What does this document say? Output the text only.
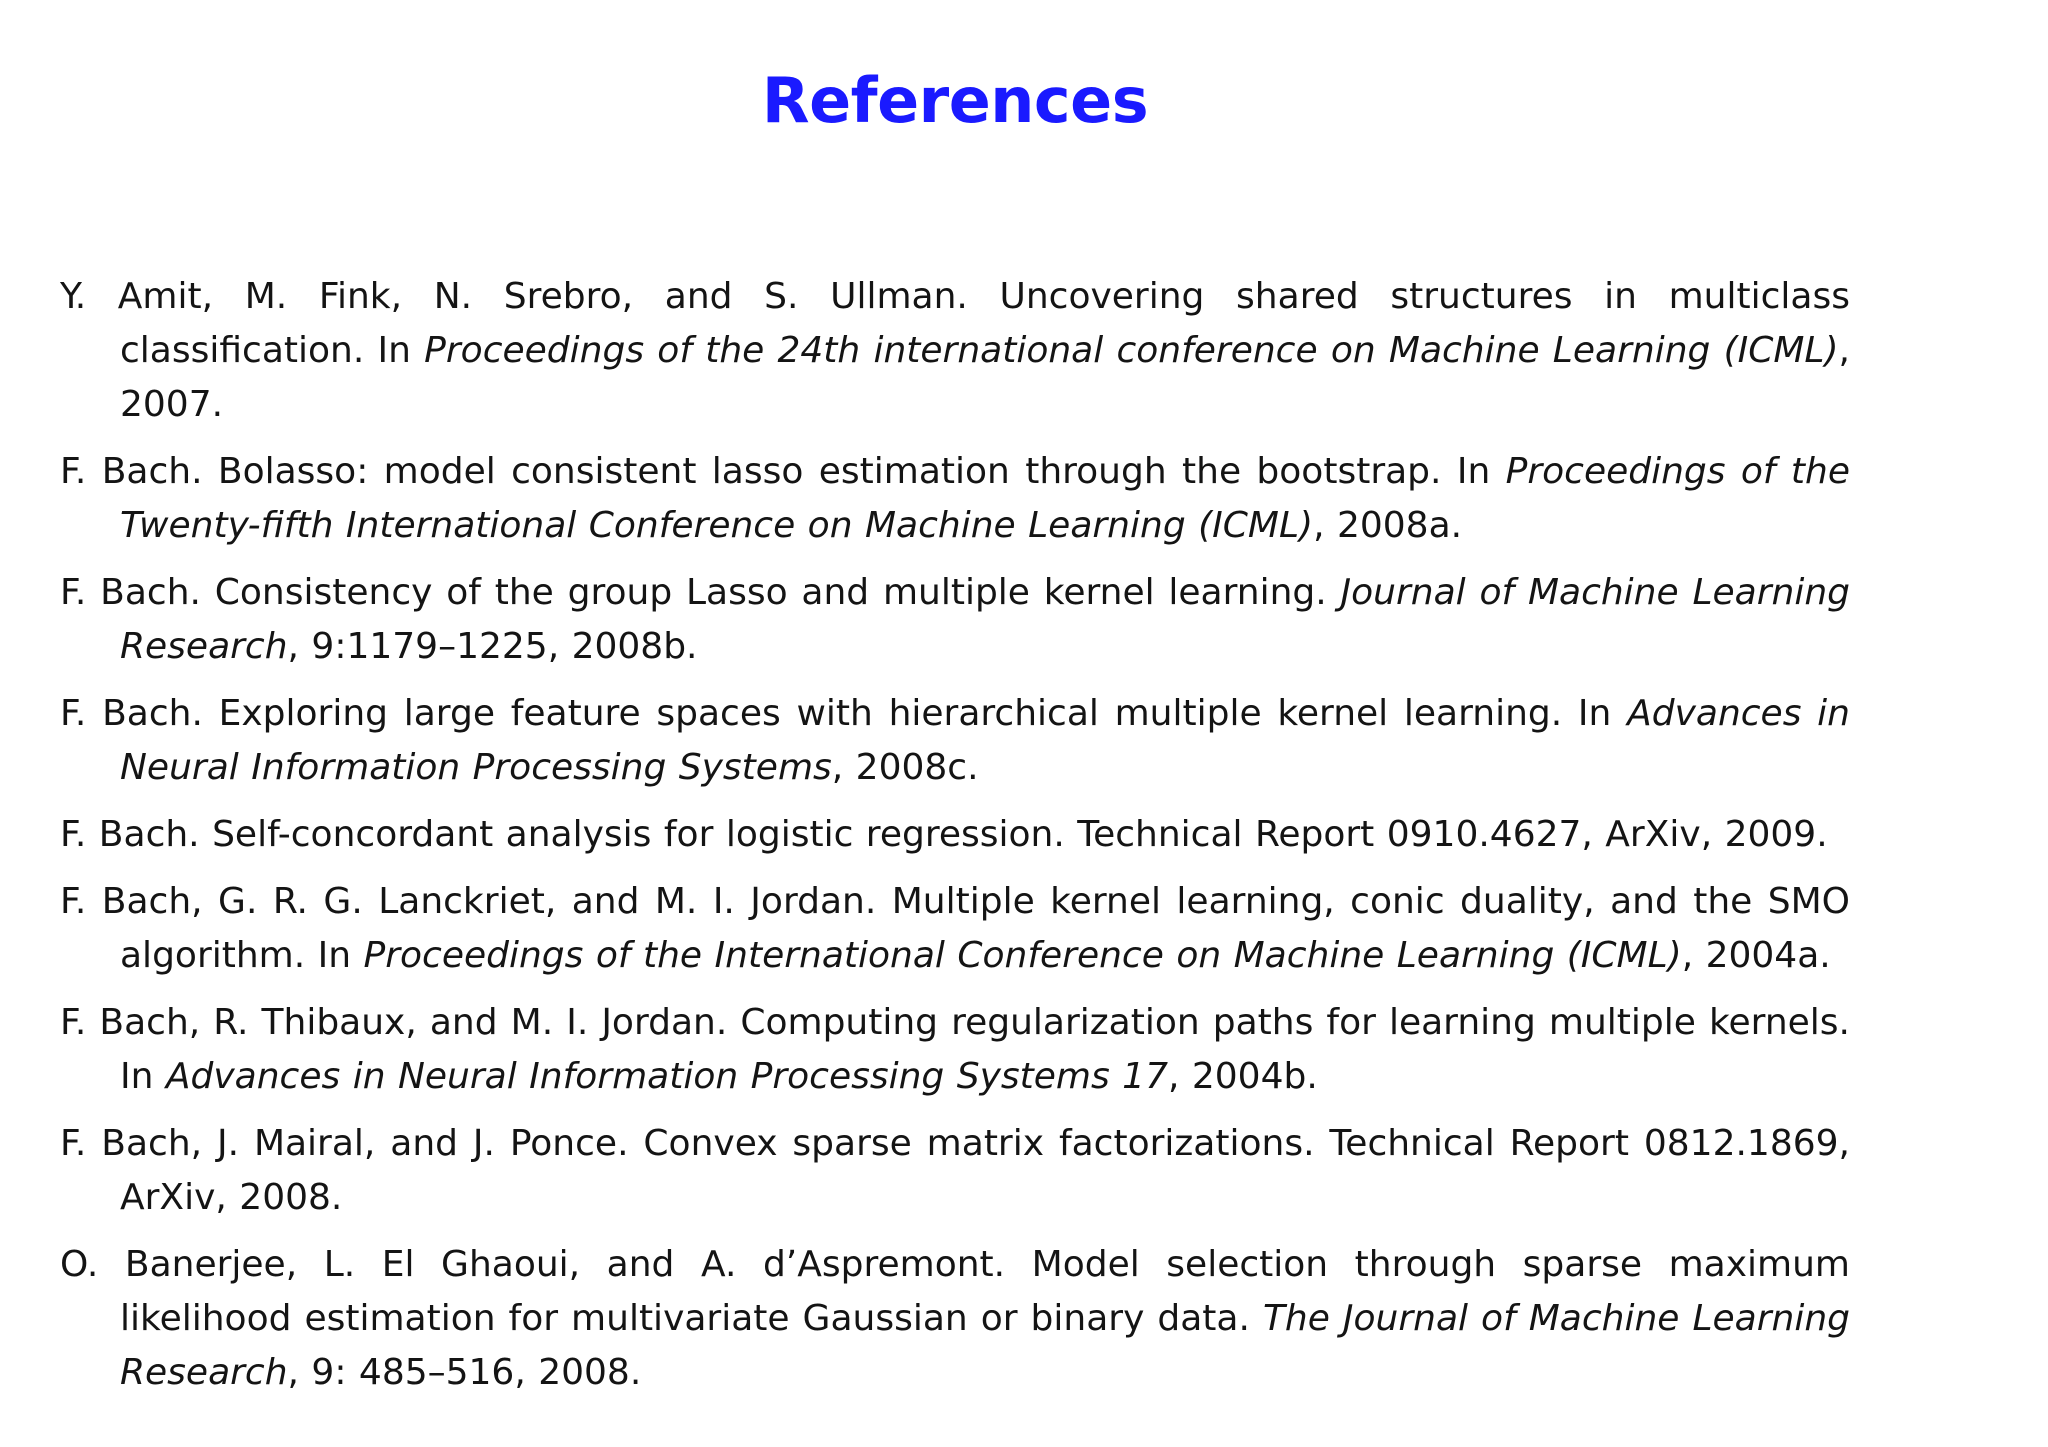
References
Y. Amit, M. Fink, N. Srebro, and S. Ullman. Uncovering shared structures in multiclass classification. In Proceedings of the 24th international conference on Machine Learning (ICML), 2007.
F. Bach. Bolasso: model consistent lasso estimation through the bootstrap. In Proceedings of the Twenty-fifth International Conference on Machine Learning (ICML), 2008a.
F. Bach. Consistency of the group Lasso and multiple kernel learning. Journal of Machine Learning Research, 9:1179–1225, 2008b.
F. Bach. Exploring large feature spaces with hierarchical multiple kernel learning. In Advances in Neural Information Processing Systems, 2008c.
F. Bach. Self-concordant analysis for logistic regression. Technical Report 0910.4627, ArXiv, 2009.
F. Bach, G. R. G. Lanckriet, and M. I. Jordan. Multiple kernel learning, conic duality, and the SMO algorithm. In Proceedings of the International Conference on Machine Learning (ICML), 2004a.
F. Bach, R. Thibaux, and M. I. Jordan. Computing regularization paths for learning multiple kernels. In Advances in Neural Information Processing Systems 17, 2004b.
F. Bach, J. Mairal, and J. Ponce. Convex sparse matrix factorizations. Technical Report 0812.1869, ArXiv, 2008.
O. Banerjee, L. El Ghaoui, and A. d’Aspremont. Model selection through sparse maximum likelihood estimation for multivariate Gaussian or binary data. The Journal of Machine Learning Research, 9: 485–516, 2008.
